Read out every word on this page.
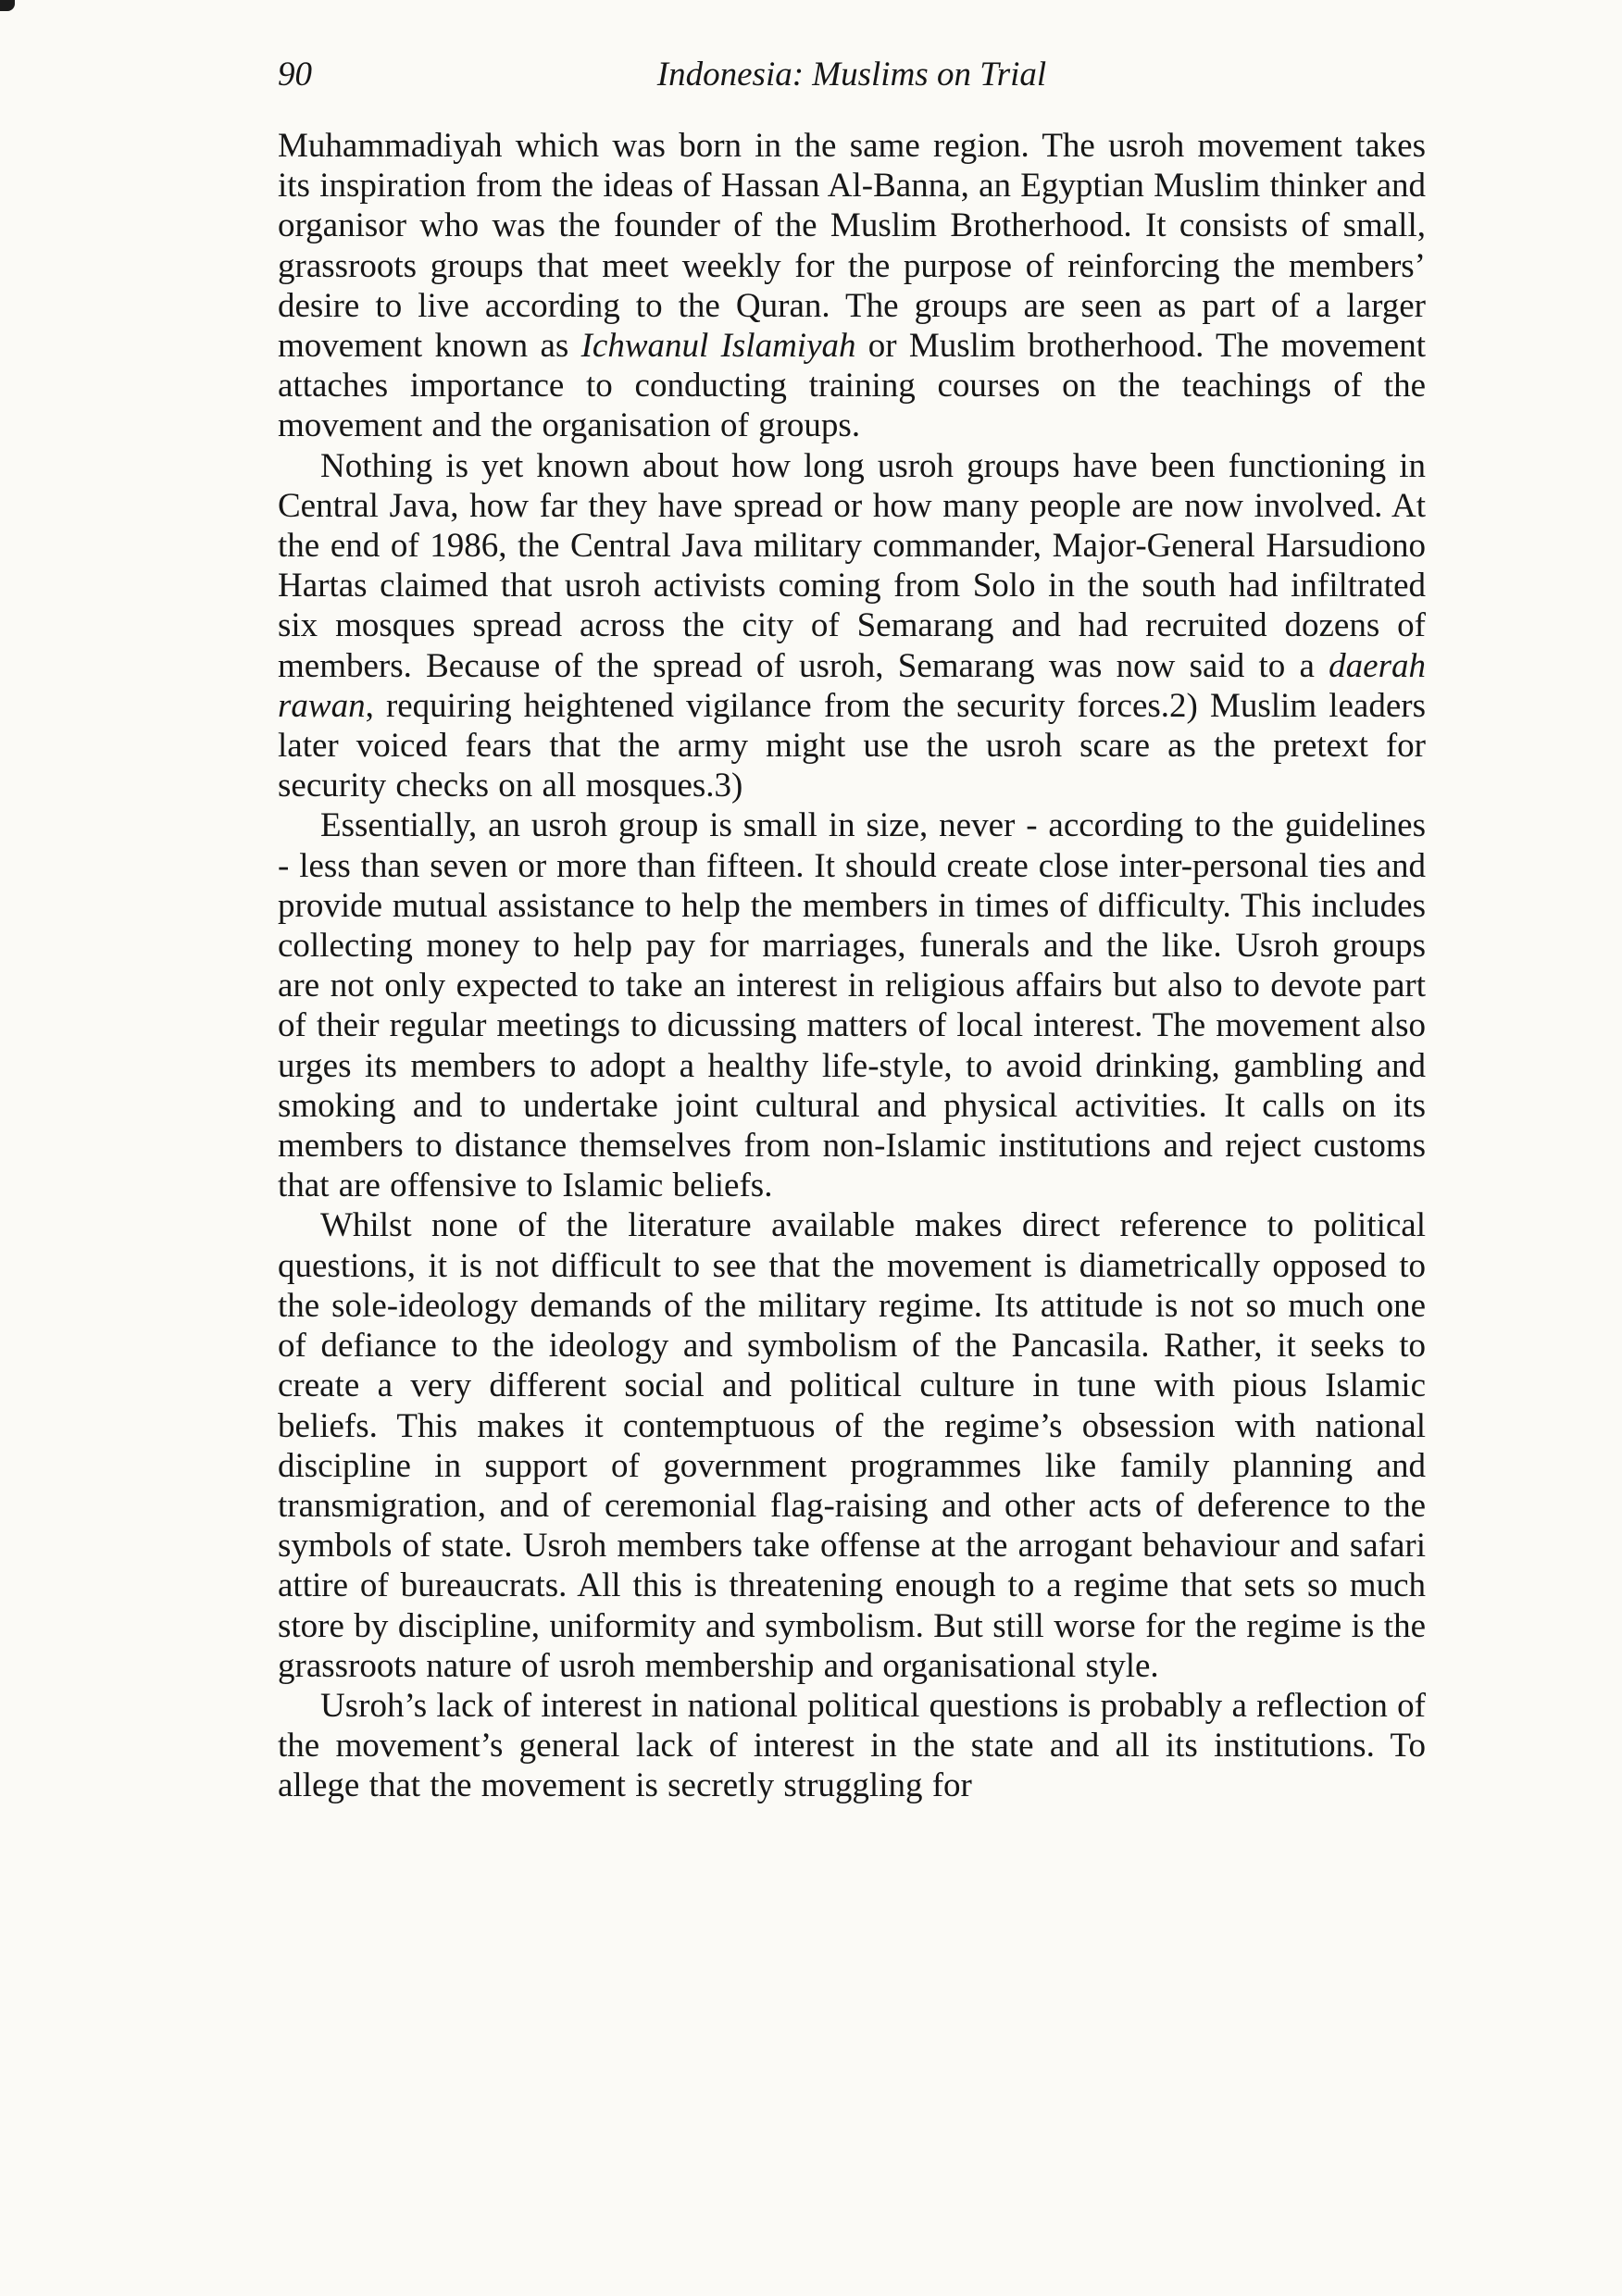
90	Indonesia: Muslims on Trial

Muhammadiyah which was born in the same region. The usroh movement takes its inspiration from the ideas of Hassan Al-Banna, an Egyptian Muslim thinker and organisor who was the founder of the Muslim Brotherhood. It consists of small, grassroots groups that meet weekly for the purpose of reinforcing the members’ desire to live according to the Quran. The groups are seen as part of a larger movement known as Ichwanul Islamiyah or Muslim brotherhood. The movement attaches importance to conducting training courses on the teachings of the movement and the organisation of groups.

Nothing is yet known about how long usroh groups have been functioning in Central Java, how far they have spread or how many people are now involved. At the end of 1986, the Central Java military commander, Major-General Harsudiono Hartas claimed that usroh activists coming from Solo in the south had infiltrated six mosques spread across the city of Semarang and had recruited dozens of members. Because of the spread of usroh, Semarang was now said to a daerah rawan, requiring heightened vigilance from the security forces.2) Muslim leaders later voiced fears that the army might use the usroh scare as the pretext for security checks on all mosques.3)

Essentially, an usroh group is small in size, never - according to the guidelines - less than seven or more than fifteen. It should create close inter-personal ties and provide mutual assistance to help the members in times of difficulty. This includes collecting money to help pay for marriages, funerals and the like. Usroh groups are not only expected to take an interest in religious affairs but also to devote part of their regular meetings to dicussing matters of local interest. The movement also urges its members to adopt a healthy life-style, to avoid drinking, gambling and smoking and to undertake joint cultural and physical activities. It calls on its members to distance themselves from non-Islamic institutions and reject customs that are offensive to Islamic beliefs.

Whilst none of the literature available makes direct reference to political questions, it is not difficult to see that the movement is diametrically opposed to the sole-ideology demands of the military regime. Its attitude is not so much one of defiance to the ideology and symbolism of the Pancasila. Rather, it seeks to create a very different social and political culture in tune with pious Islamic beliefs. This makes it contemptuous of the regime’s obsession with national discipline in support of government programmes like family planning and transmigration, and of ceremonial flag-raising and other acts of deference to the symbols of state. Usroh members take offense at the arrogant behaviour and safari attire of bureaucrats. All this is threatening enough to a regime that sets so much store by discipline, uniformity and symbolism. But still worse for the regime is the grassroots nature of usroh membership and organisational style.

Usroh’s lack of interest in national political questions is probably a reflection of the movement’s general lack of interest in the state and all its institutions. To allege that the movement is secretly struggling for
